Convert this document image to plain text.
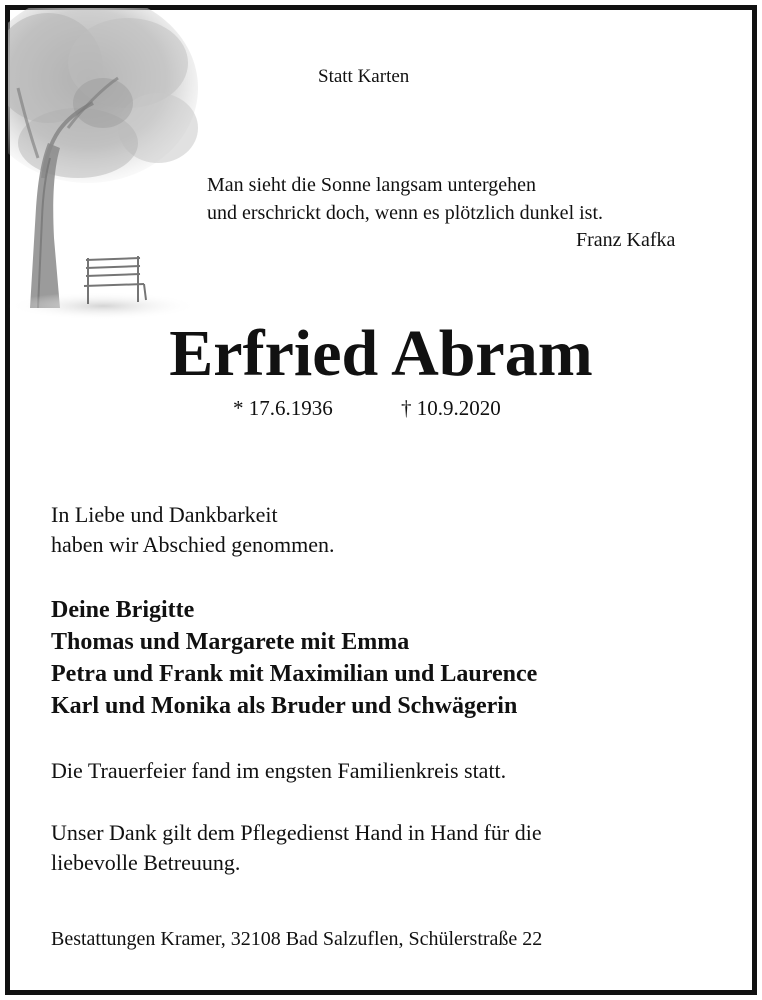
Statt Karten
Man sieht die Sonne langsam untergehen
und erschrickt doch, wenn es plötzlich dunkel ist.
Franz Kafka
Erfried Abram
* 17.6.1936	† 10.9.2020
In Liebe und Dankbarkeit
haben wir Abschied genommen.
Deine Brigitte
Thomas und Margarete mit Emma
Petra und Frank mit Maximilian und Laurence
Karl und Monika als Bruder und Schwägerin
Die Trauerfeier fand im engsten Familienkreis statt.
Unser Dank gilt dem Pflegedienst Hand in Hand für die
liebevolle Betreuung.
Bestattungen Kramer, 32108 Bad Salzuflen, Schülerstraße 22
